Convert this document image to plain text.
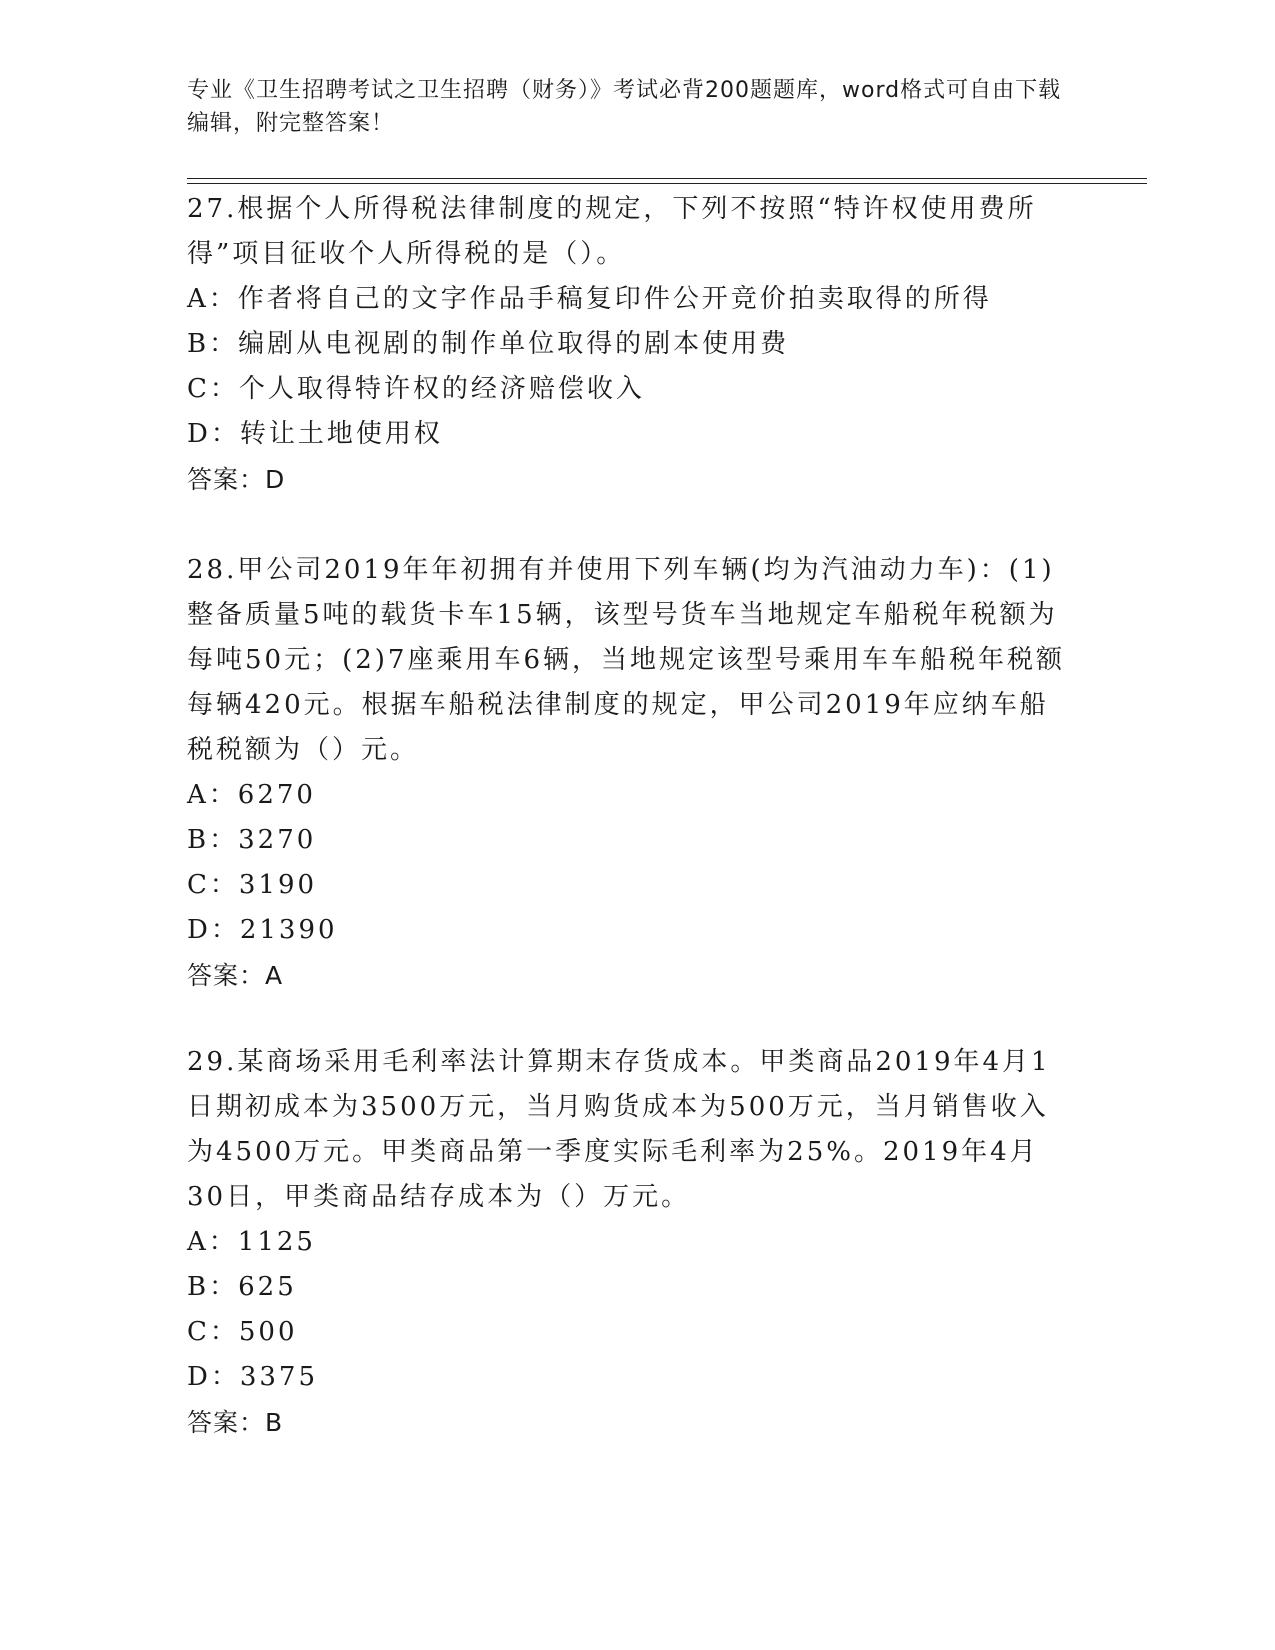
专业《卫生招聘考试之卫生招聘（财务）》考试必背200题题库，word格式可自由下载编辑，附完整答案！

27.根据个人所得税法律制度的规定，下列不按照“特许权使用费所得”项目征收个人所得税的是（）。

A：作者将自己的文字作品手稿复印件公开竞价拍卖取得的所得

B：编剧从电视剧的制作单位取得的剧本使用费

C：个人取得特许权的经济赔偿收入

D：转让土地使用权

答案：D

28.甲公司2019年年初拥有并使用下列车辆(均为汽油动力车)：(1)整备质量5吨的载货卡车15辆，该型号货车当地规定车船税年税额为每吨50元；(2)7座乘用车6辆，当地规定该型号乘用车车船税年税额每辆420元。根据车船税法律制度的规定，甲公司2019年应纳车船税税额为（）元。

A：6270

B：3270

C：3190

D：21390

答案：A

29.某商场采用毛利率法计算期末存货成本。甲类商品2019年4月1日期初成本为3500万元，当月购货成本为500万元，当月销售收入为4500万元。甲类商品第一季度实际毛利率为25%。2019年4月30日，甲类商品结存成本为（）万元。

A：1125

B：625

C：500

D：3375

答案：B
